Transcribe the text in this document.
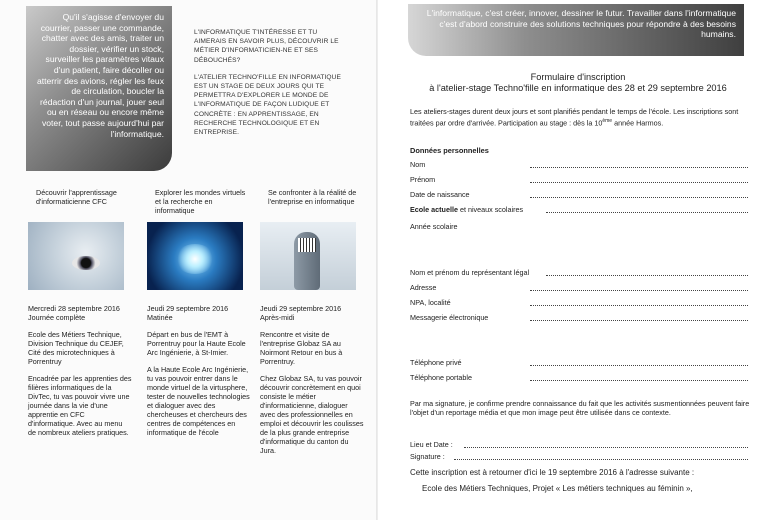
Qu'il s'agisse d'envoyer du courrier, passer une commande, chatter avec des amis, traiter un dossier, vérifier un stock, surveiller les paramètres vitaux d'un patient, faire décoller ou atterrir des avions, régler les feux de circulation, boucler la rédaction d'un journal, jouer seul ou en réseau ou encore même voter, tout passe aujourd'hui par l'informatique.

L'INFORMATIQUE T'INTÉRESSE ET TU AIMERAIS EN SAVOIR PLUS, DÉCOUVRIR LE MÉTIER D'INFORMATICIEN-NE ET SES DÉBOUCHÉS?

L'ATELIER TECHNO'FILLE EN INFORMATIQUE EST UN STAGE DE DEUX JOURS QUI TE PERMETTRA D'EXPLORER LE MONDE DE L'INFORMATIQUE DE FAÇON LUDIQUE ET CONCRÈTE : EN APPRENTISSAGE, EN RECHERCHE TECHNOLOGIQUE ET EN ENTREPRISE.

Découvrir l'apprentissage d'informaticienne CFC
Mercredi 28 septembre 2016

Journée complète

Ecole des Métiers Technique, Division Technique du CEJEF, Cité des microtechniques à Porrentruy

Encadrée par les apprenties des filières informatiques de la DivTec, tu vas pouvoir vivre une journée dans la vie d'une apprentie en CFC d'informatique. Avec au menu de nombreux ateliers pratiques.

Explorer les mondes virtuels et la recherche en informatique
Jeudi 29 septembre 2016

Matinée

Départ en bus de l'EMT à Porrentruy pour la Haute Ecole Arc Ingénierie, à St-Imier.

A la Haute Ecole Arc Ingénierie, tu vas pouvoir entrer dans le monde virtuel de la virtusphere, tester de nouvelles technologies et dialoguer avec des chercheuses et chercheurs des centres de compétences en informatique de l'école

Se confronter à la réalité de l'entreprise en informatique
Jeudi 29 septembre 2016

Après-midi

Rencontre et visite de l'entreprise Globaz SA au Noirmont Retour en bus à Porrentruy.

Chez Globaz SA, tu vas pouvoir découvrir concrètement en quoi consiste le métier d'informaticienne, dialoguer avec des professionnelles en emploi et découvrir les coulisses de la plus grande entreprise d'informatique du canton du Jura.

L'informatique, c'est créer, innover, dessiner le futur. Travailler dans l'informatique c'est d'abord construire des solutions techniques pour répondre à des besoins humains.
Formulaire d'inscription
à l'atelier-stage Techno'fille en informatique des 28 et 29 septembre 2016
Les ateliers-stages durent deux jours et sont planifiés pendant le temps de l'école. Les inscriptions sont traitées par ordre d'arrivée. Participation au stage : dès la 10ème année Harmos.
Données personnelles
Nom
Prénom
Date de naissance
Ecole actuelle et niveaux scolaires
Année scolaire
Nom et prénom du représentant légal
Adresse
NPA, localité
Messagerie électronique
Téléphone privé
Téléphone portable
Par ma signature, je confirme prendre connaissance du fait que les activités susmentionnées peuvent faire l'objet d'un reportage média et que mon image peut être utilisée dans ce contexte.
Lieu et Date :
Signature :
Cette inscription est à retourner d'ici le 19 septembre 2016 à l'adresse suivante :
Ecole des Métiers Techniques, Projet « Les métiers techniques au féminin »,
